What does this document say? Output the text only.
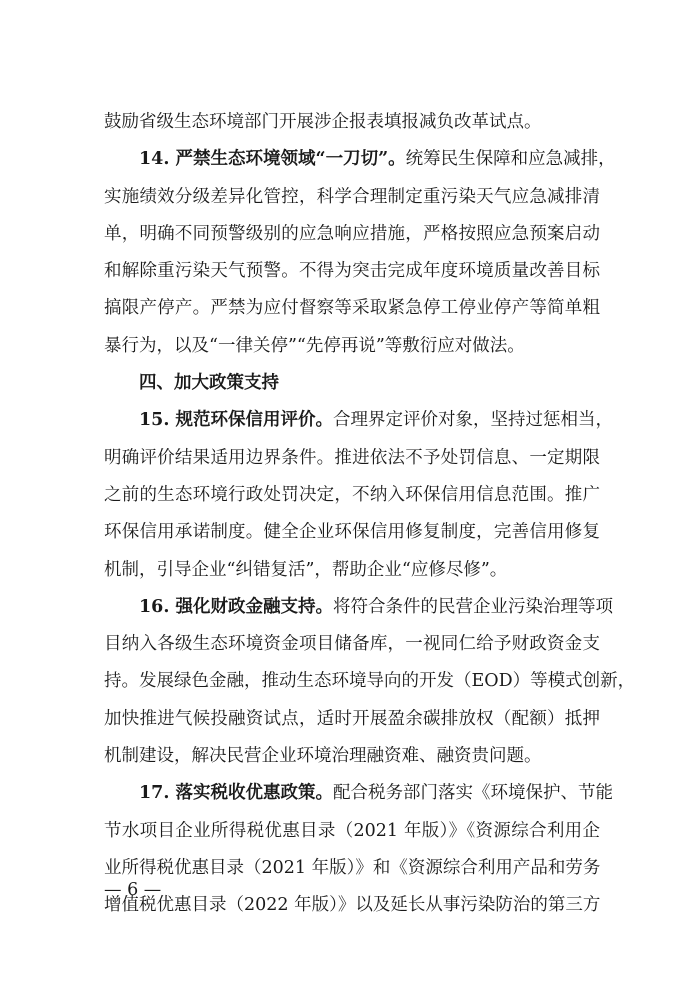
鼓励省级生态环境部门开展涉企报表填报减负改革试点。
14. 严禁生态环境领域“一刀切”。统筹民生保障和应急减排，
实施绩效分级差异化管控，科学合理制定重污染天气应急减排清
单，明确不同预警级别的应急响应措施，严格按照应急预案启动
和解除重污染天气预警。不得为突击完成年度环境质量改善目标
搞限产停产。严禁为应付督察等采取紧急停工停业停产等简单粗
暴行为，以及“一律关停”“先停再说”等敷衍应对做法。
四、加大政策支持
15. 规范环保信用评价。合理界定评价对象，坚持过惩相当，
明确评价结果适用边界条件。推进依法不予处罚信息、一定期限
之前的生态环境行政处罚决定，不纳入环保信用信息范围。推广
环保信用承诺制度。健全企业环保信用修复制度，完善信用修复
机制，引导企业“纠错复活”，帮助企业“应修尽修”。
16. 强化财政金融支持。将符合条件的民营企业污染治理等项
目纳入各级生态环境资金项目储备库，一视同仁给予财政资金支
持。发展绿色金融，推动生态环境导向的开发（EOD）等模式创新，
加快推进气候投融资试点，适时开展盈余碳排放权（配额）抵押
机制建设，解决民营企业环境治理融资难、融资贵问题。
17. 落实税收优惠政策。配合税务部门落实《环境保护、节能
节水项目企业所得税优惠目录（2021 年版）》《资源综合利用企
业所得税优惠目录（2021 年版）》和《资源综合利用产品和劳务
增值税优惠目录（2022 年版）》以及延长从事污染防治的第三方
— 6 —
